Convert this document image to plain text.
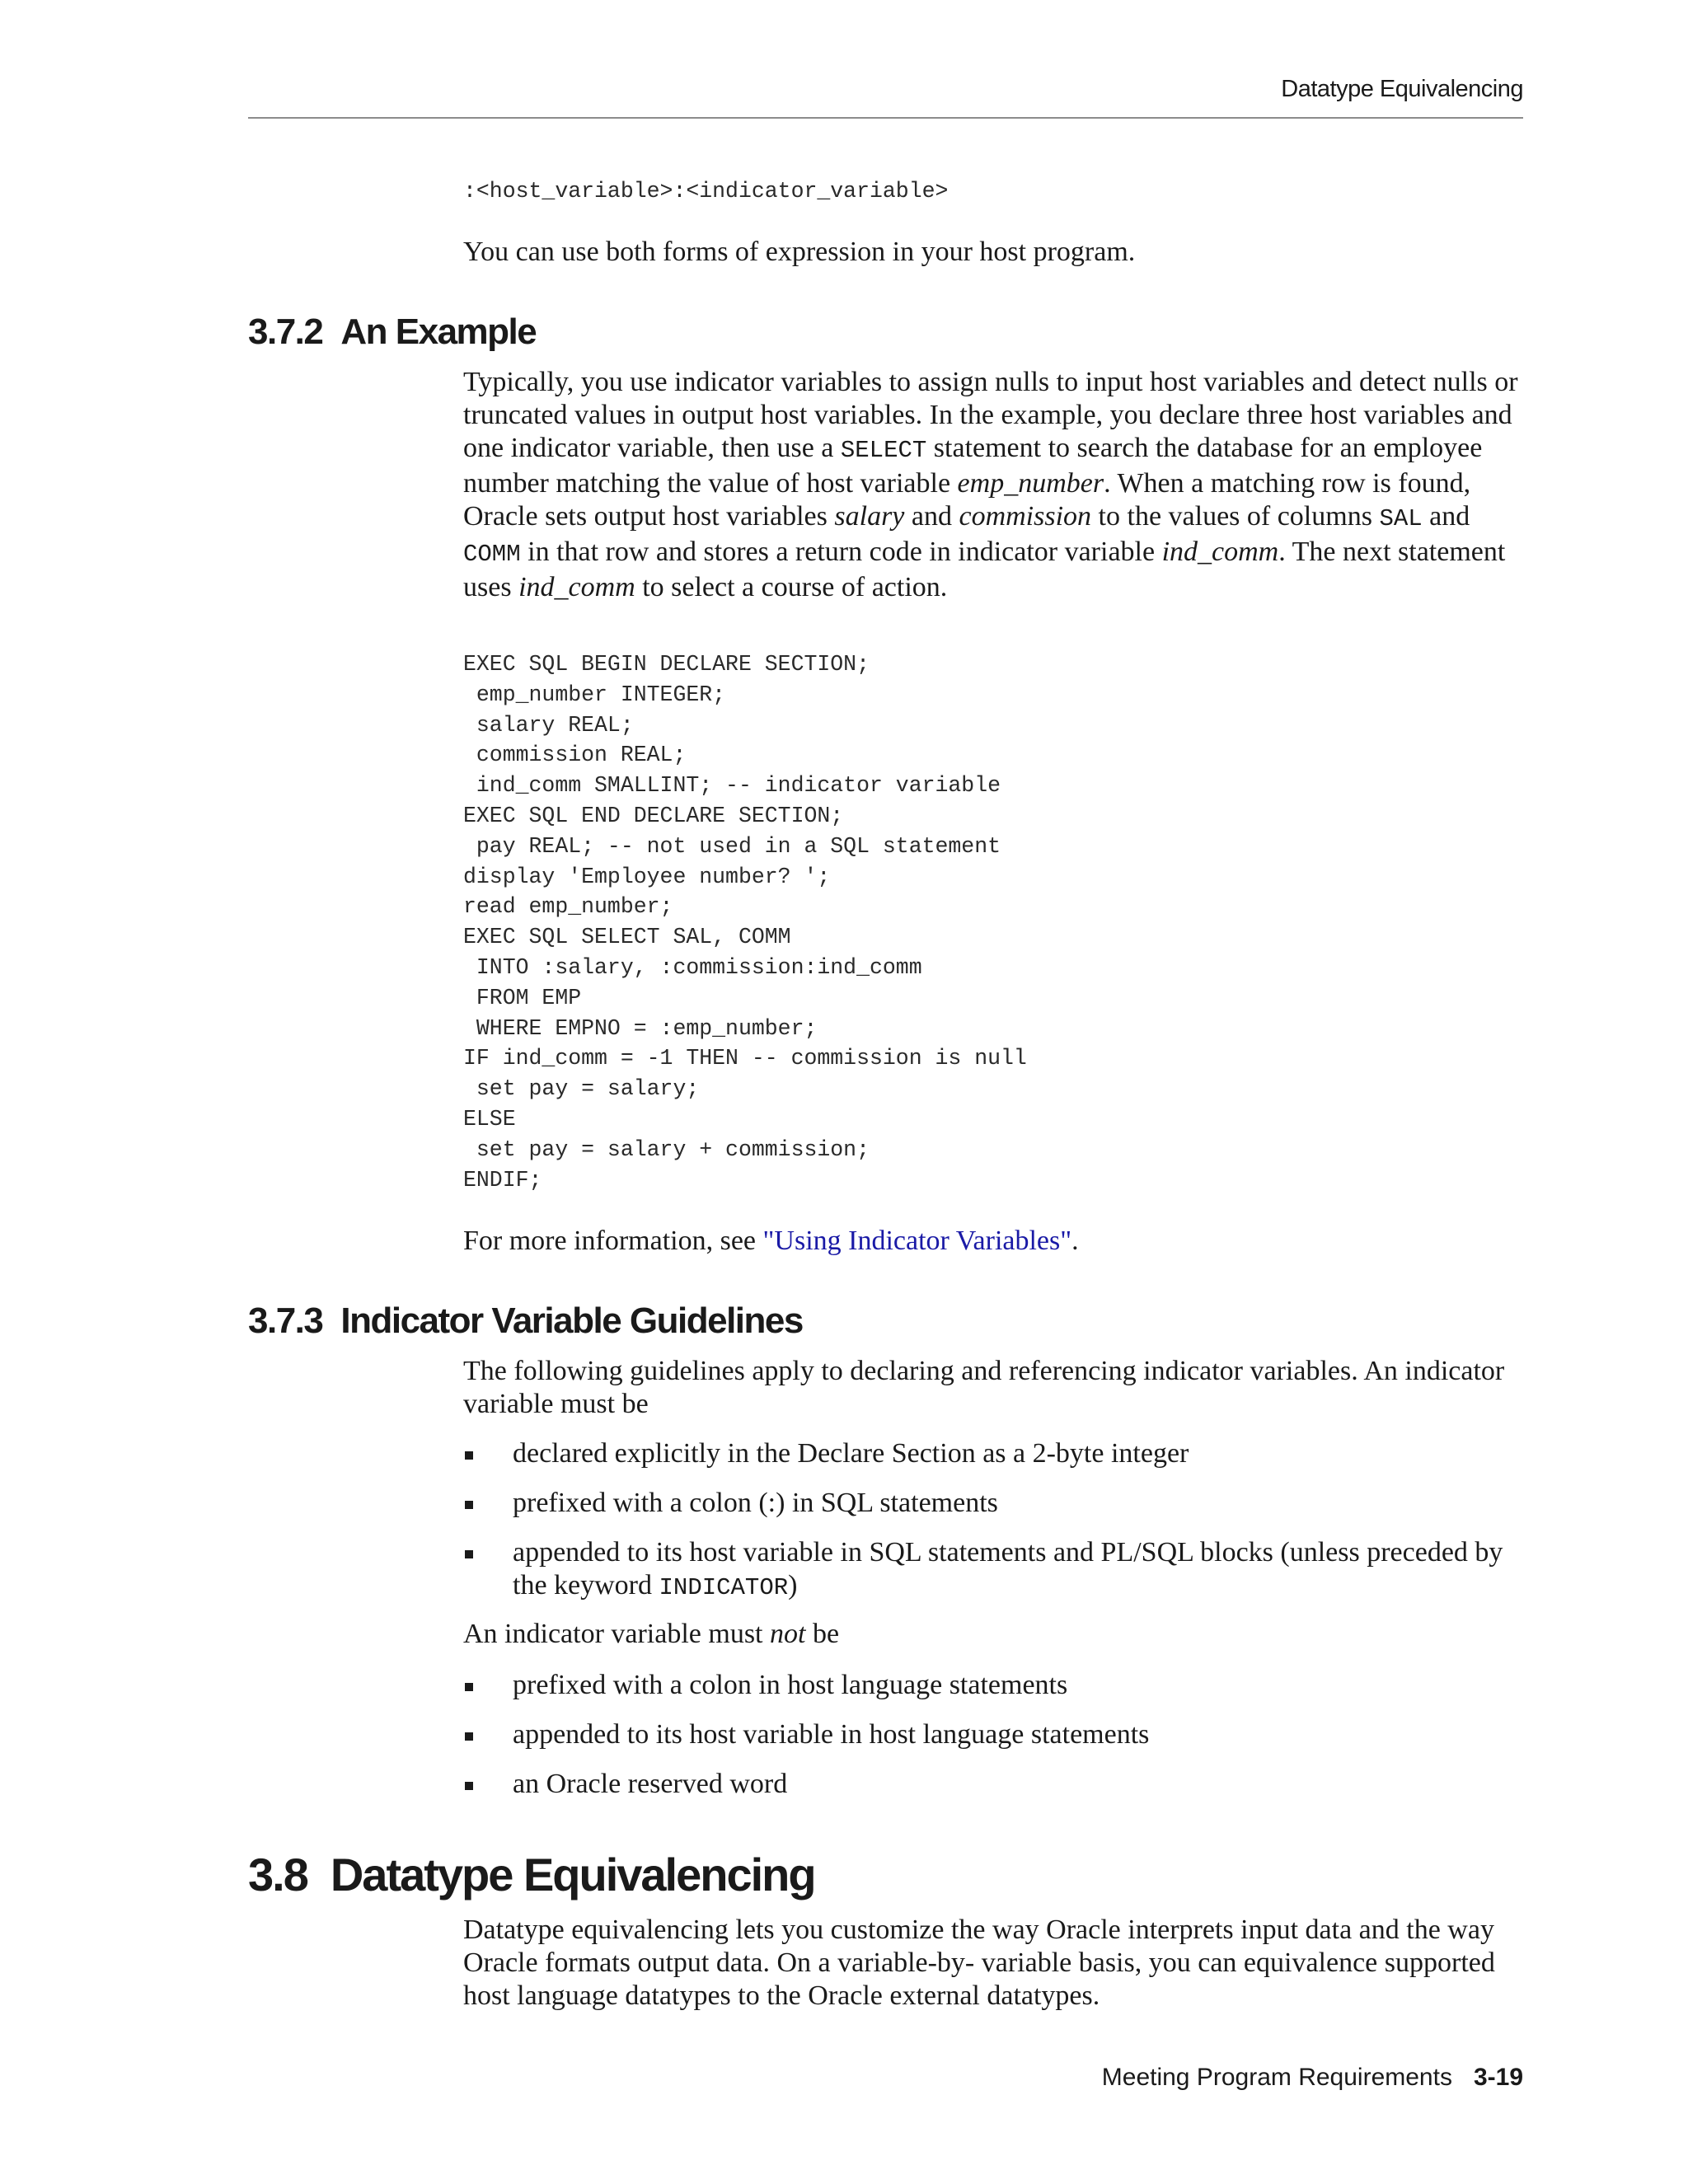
Datatype Equivalencing
:<host_variable>:<indicator_variable>
You can use both forms of expression in your host program.
3.7.2 An Example
Typically, you use indicator variables to assign nulls to input host variables and detect nulls or truncated values in output host variables. In the example, you declare three host variables and one indicator variable, then use a SELECT statement to search the database for an employee number matching the value of host variable emp_number. When a matching row is found, Oracle sets output host variables salary and commission to the values of columns SAL and COMM in that row and stores a return code in indicator variable ind_comm. The next statement uses ind_comm to select a course of action.
EXEC SQL BEGIN DECLARE SECTION;
emp_number INTEGER;
salary REAL;
commission REAL;
ind_comm SMALLINT; -- indicator variable
EXEC SQL END DECLARE SECTION;
pay REAL; -- not used in a SQL statement
display 'Employee number? ';
read emp_number;
EXEC SQL SELECT SAL, COMM
INTO :salary, :commission:ind_comm
FROM EMP
WHERE EMPNO = :emp_number;
IF ind_comm = -1 THEN -- commission is null
set pay = salary;
ELSE
set pay = salary + commission;
ENDIF;
For more information, see "Using Indicator Variables".
3.7.3 Indicator Variable Guidelines
The following guidelines apply to declaring and referencing indicator variables. An indicator variable must be
declared explicitly in the Declare Section as a 2-byte integer
prefixed with a colon (:) in SQL statements
appended to its host variable in SQL statements and PL/SQL blocks (unless preceded by the keyword INDICATOR)
An indicator variable must not be
prefixed with a colon in host language statements
appended to its host variable in host language statements
an Oracle reserved word
3.8 Datatype Equivalencing
Datatype equivalencing lets you customize the way Oracle interprets input data and the way Oracle formats output data. On a variable-by- variable basis, you can equivalence supported host language datatypes to the Oracle external datatypes.
Meeting Program Requirements 3-19
